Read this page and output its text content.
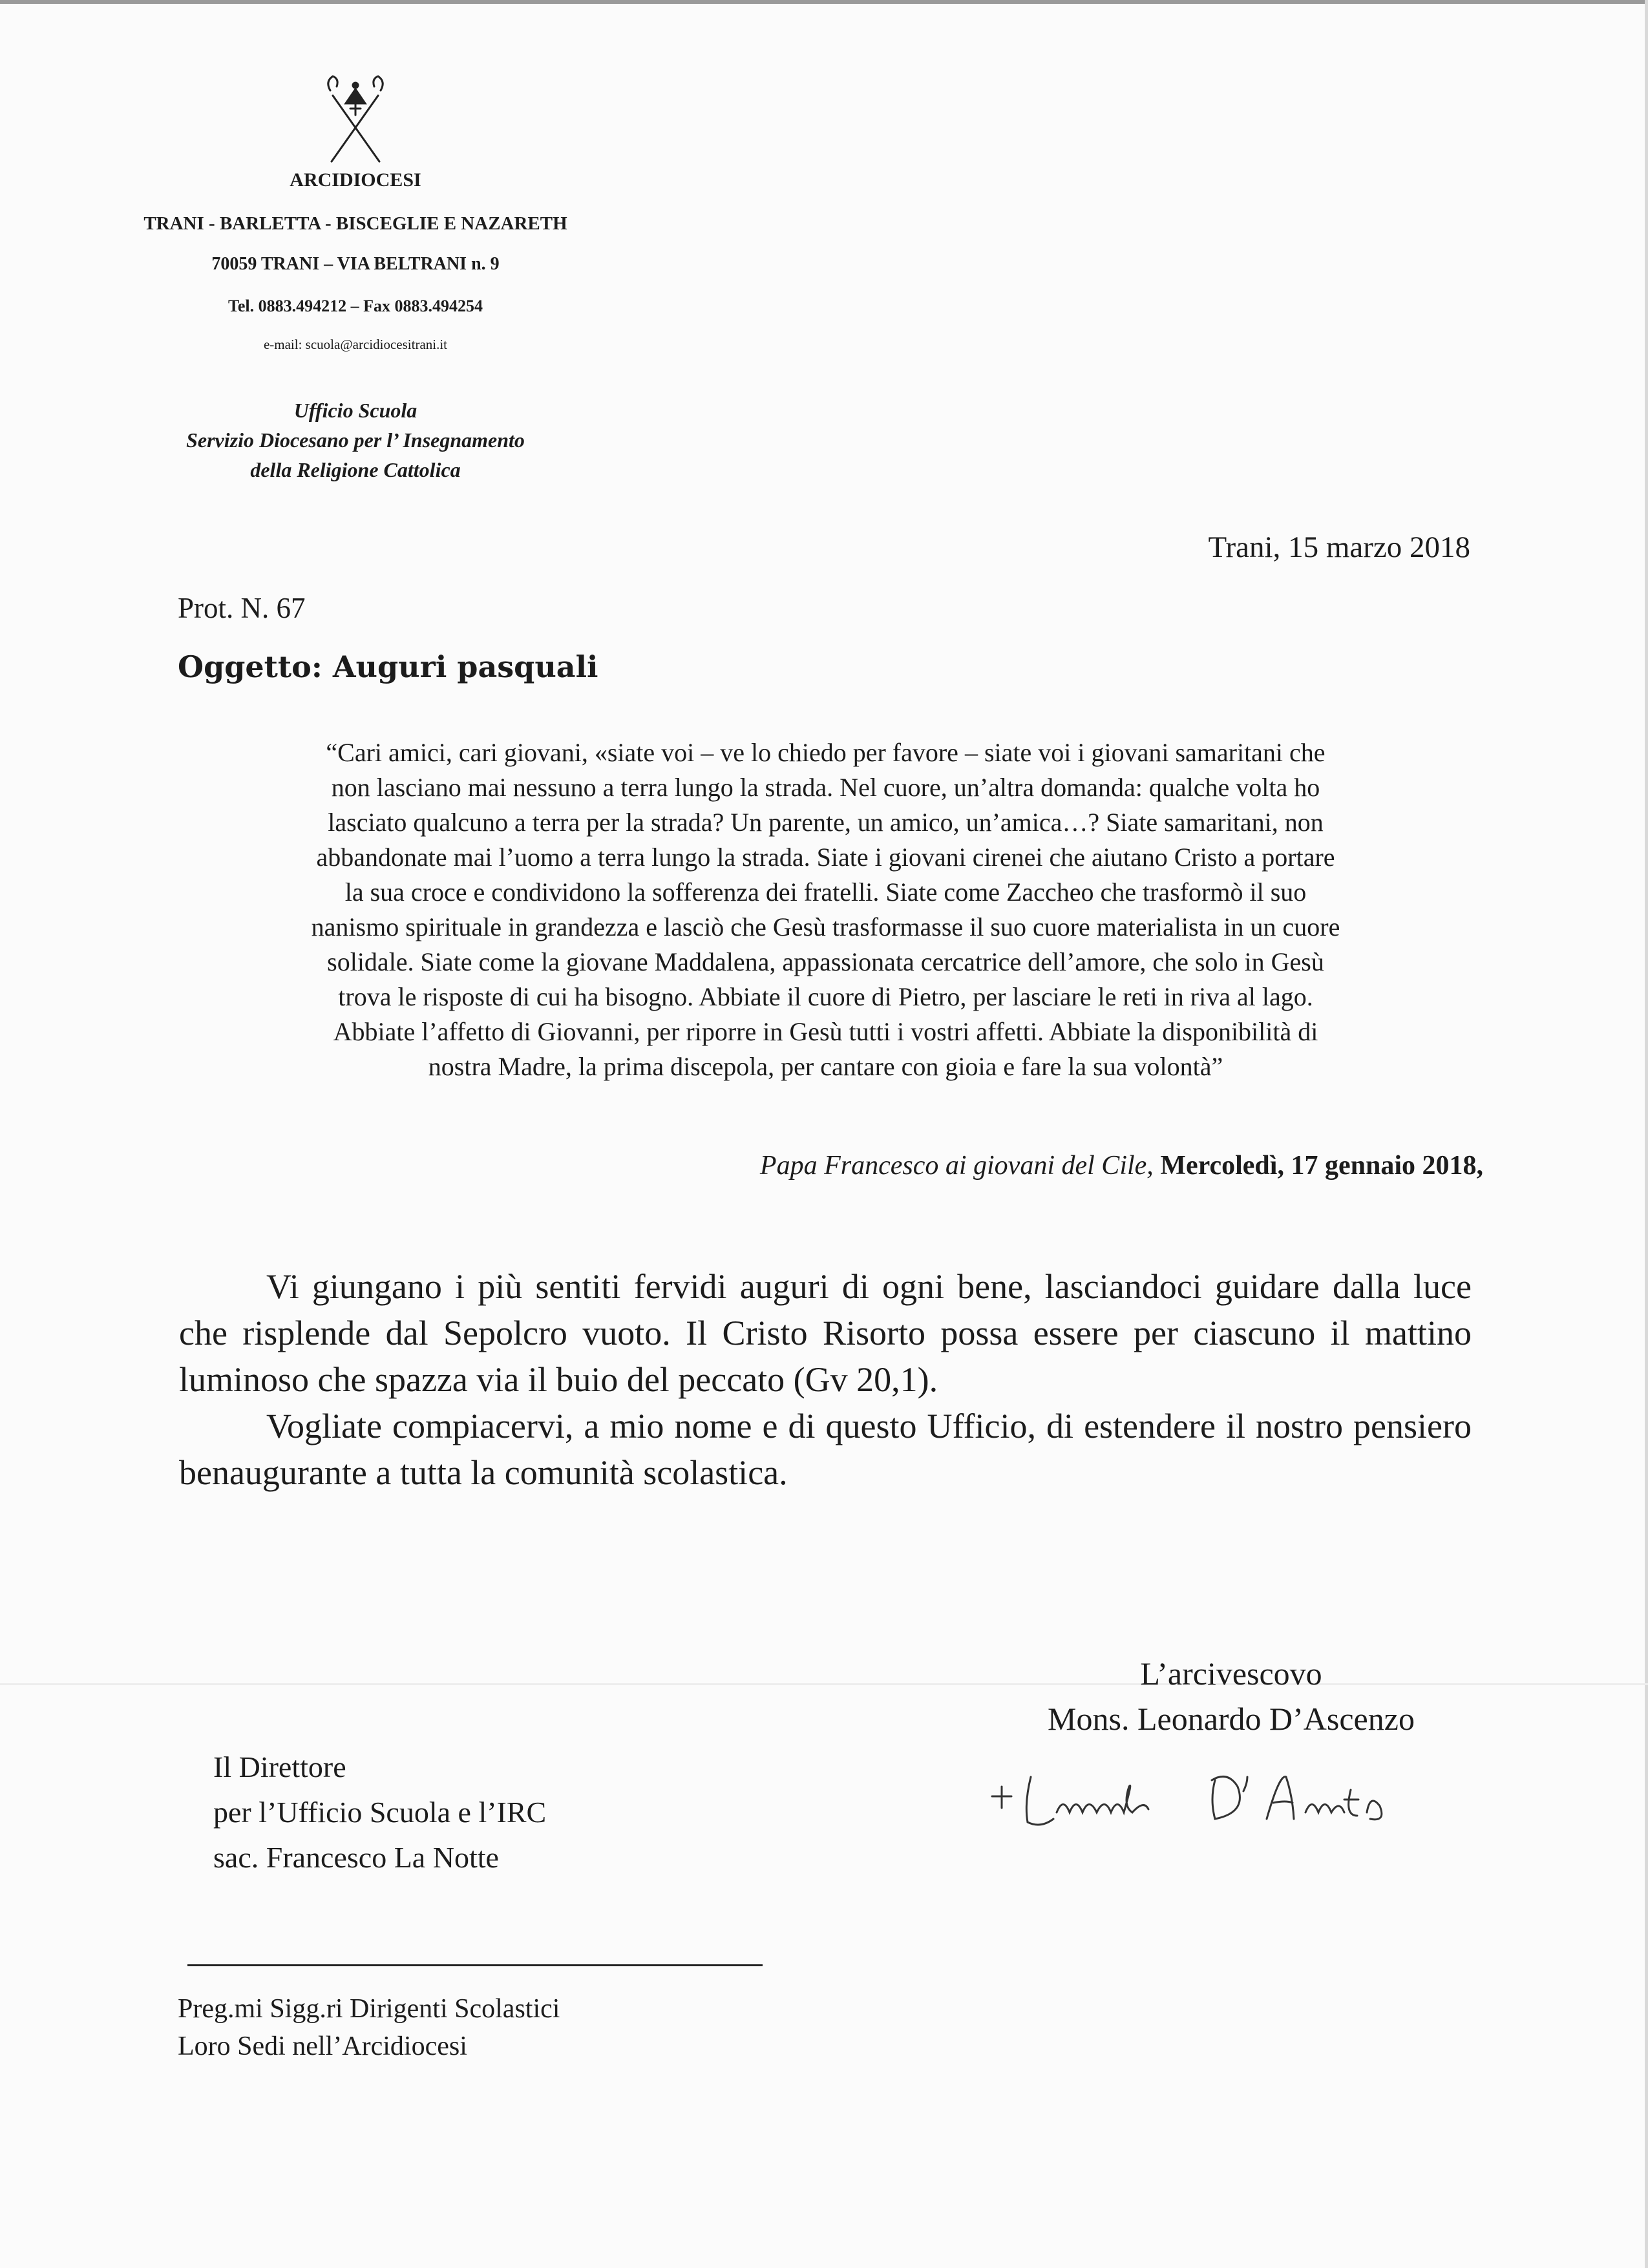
ARCIDIOCESI
TRANI - BARLETTA - BISCEGLIE E NAZARETH
70059 TRANI – VIA BELTRANI n. 9
Tel. 0883.494212 – Fax 0883.494254
e-mail: scuola@arcidiocesitrani.it
Ufficio Scuola
Servizio Diocesano per l’ Insegnamento
della Religione Cattolica
Trani, 15 marzo 2018
Prot. N. 67
Oggetto: Auguri pasquali
“Cari amici, cari giovani, «siate voi – ve lo chiedo per favore – siate voi i giovani samaritani che
non lasciano mai nessuno a terra lungo la strada. Nel cuore, un’altra domanda: qualche volta ho
lasciato qualcuno a terra per la strada? Un parente, un amico, un’amica…? Siate samaritani, non
abbandonate mai l’uomo a terra lungo la strada. Siate i giovani cirenei che aiutano Cristo a portare
la sua croce e condividono la sofferenza dei fratelli. Siate come Zaccheo che trasformò il suo
nanismo spirituale in grandezza e lasciò che Gesù trasformasse il suo cuore materialista in un cuore
solidale. Siate come la giovane Maddalena, appassionata cercatrice dell’amore, che solo in Gesù
trova le risposte di cui ha bisogno. Abbiate il cuore di Pietro, per lasciare le reti in riva al lago.
Abbiate l’affetto di Giovanni, per riporre in Gesù tutti i vostri affetti. Abbiate la disponibilità di
nostra Madre, la prima discepola, per cantare con gioia e fare la sua volontà”
Papa Francesco ai giovani del Cile, Mercoledì, 17 gennaio 2018,

Vi giungano i più sentiti fervidi auguri di ogni bene, lasciandoci guidare dalla luce che risplende dal Sepolcro vuoto. Il Cristo Risorto possa essere per ciascuno il mattino luminoso che spazza via il buio del peccato (Gv 20,1).

Vogliate compiacervi, a mio nome e di questo Ufficio, di estendere il nostro pensiero benaugurante a tutta la comunità scolastica.

L’arcivescovo
Mons. Leonardo D’Ascenzo
Il Direttore
per l’Ufficio Scuola e l’IRC
sac. Francesco La Notte
Preg.mi Sigg.ri Dirigenti Scolastici
Loro Sedi nell’Arcidiocesi
